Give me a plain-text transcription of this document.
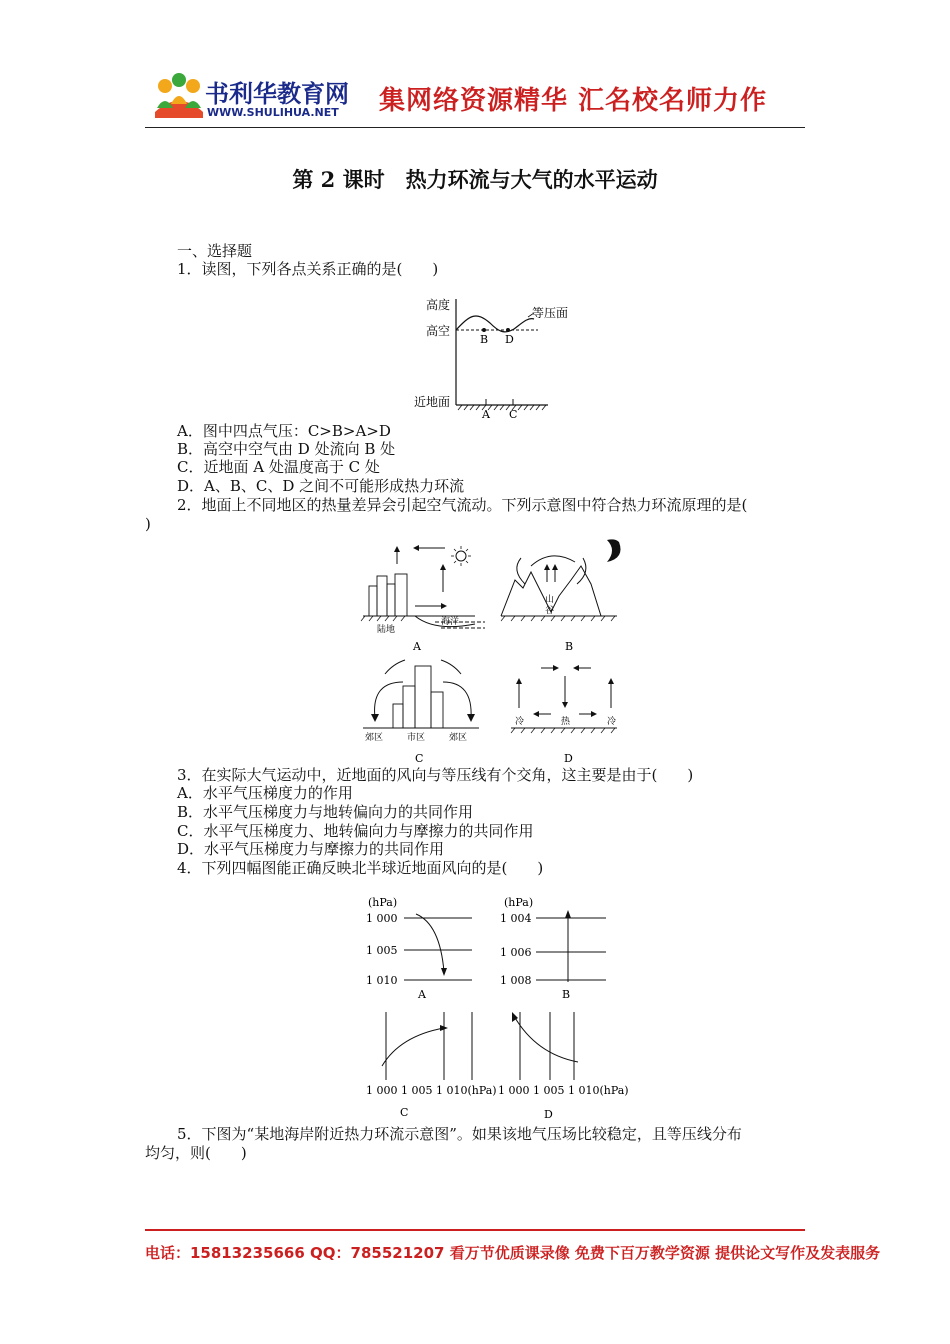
书利华教育网
WWW.SHULIHUA.NET 集网络资源精华 汇名校名师力作
第 2 课时　热力环流与大气的水平运动
一、选择题
1．读图，下列各点关系正确的是(　　)
高度
高空
近地面
等压面
B D
A C
A．图中四点气压：C>B>A>D
B．高空中空气由 D 处流向 B 处
C．近地面 A 处温度高于 C 处
D．A、B、C、D 之间不可能形成热力环流
2．地面上不同地区的热量差异会引起空气流动。下列示意图中符合热力环流原理的是(
)
陆地
海洋
A
山
谷
B
郊区	市区	郊区
C
冷	热	冷
D
3．在实际大气运动中，近地面的风向与等压线有个交角，这主要是由于(　　)
A．水平气压梯度力的作用
B．水平气压梯度力与地转偏向力的共同作用
C．水平气压梯度力、地转偏向力与摩擦力的共同作用
D．水平气压梯度力与摩擦力的共同作用
4．下列四幅图能正确反映北半球近地面风向的是(　　)
(hPa)
1 000
1 005
1 010
A
(hPa)
1 004
1 006
1 008
B
1 000 1 005 1 010(hPa)
C
1 000 1 005 1 010(hPa)
D
5．下图为“某地海岸附近热力环流示意图”。如果该地气压场比较稳定，且等压线分布
均匀，则(　　)
电话：15813235666 QQ：785521207 看万节优质课录像 免费下百万教学资源 提供论文写作及发表服务
